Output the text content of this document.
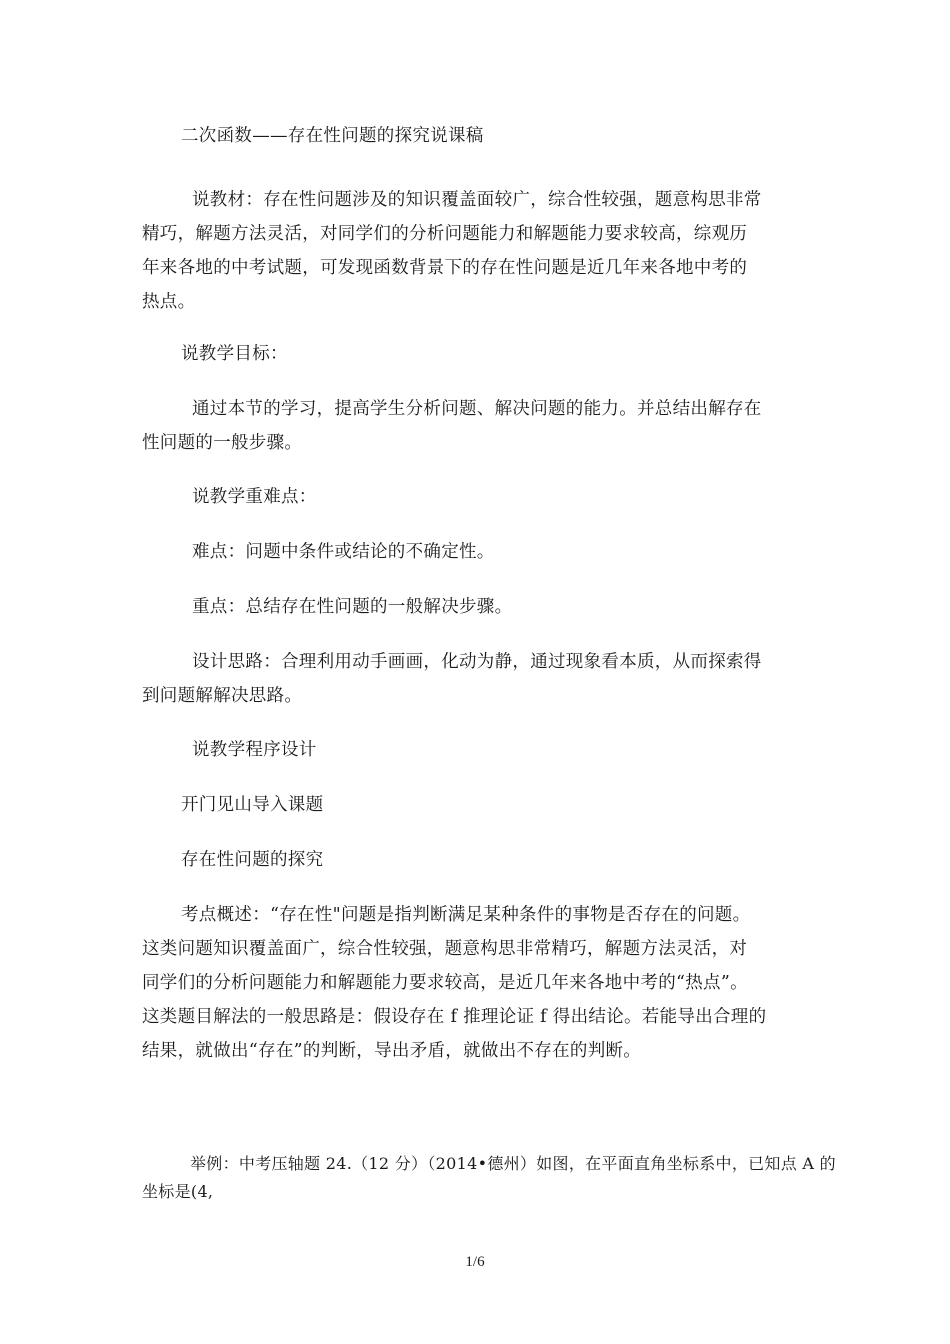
二次函数——存在性问题的探究说课稿

说教材：存在性问题涉及的知识覆盖面较广，综合性较强，题意构思非常
精巧，解题方法灵活，对同学们的分析问题能力和解题能力要求较高，综观历
年来各地的中考试题，可发现函数背景下的存在性问题是近几年来各地中考的
热点。

说教学目标：

通过本节的学习，提高学生分析问题、解决问题的能力。并总结出解存在
性问题的一般步骤。

说教学重难点：

难点：问题中条件或结论的不确定性。

重点：总结存在性问题的一般解决步骤。

设计思路：合理利用动手画画，化动为静，通过现象看本质，从而探索得
到问题解解决思路。

说教学程序设计

开门见山导入课题

存在性问题的探究

考点概述：“存在性"问题是指判断满足某种条件的事物是否存在的问题。
这类问题知识覆盖面广，综合性较强，题意构思非常精巧，解题方法灵活，对
同学们的分析问题能力和解题能力要求较高，是近几年来各地中考的“热点”。
这类题目解法的一般思路是：假设存在 f 推理论证 f 得出结论。若能导出合理的
结果，就做出“存在”的判断，导出矛盾，就做出不存在的判断。

举例：中考压轴题 24.（12 分）（2014•德州）如图，在平面直角坐标系中，已知点 A 的
坐标是(4,

1/6
